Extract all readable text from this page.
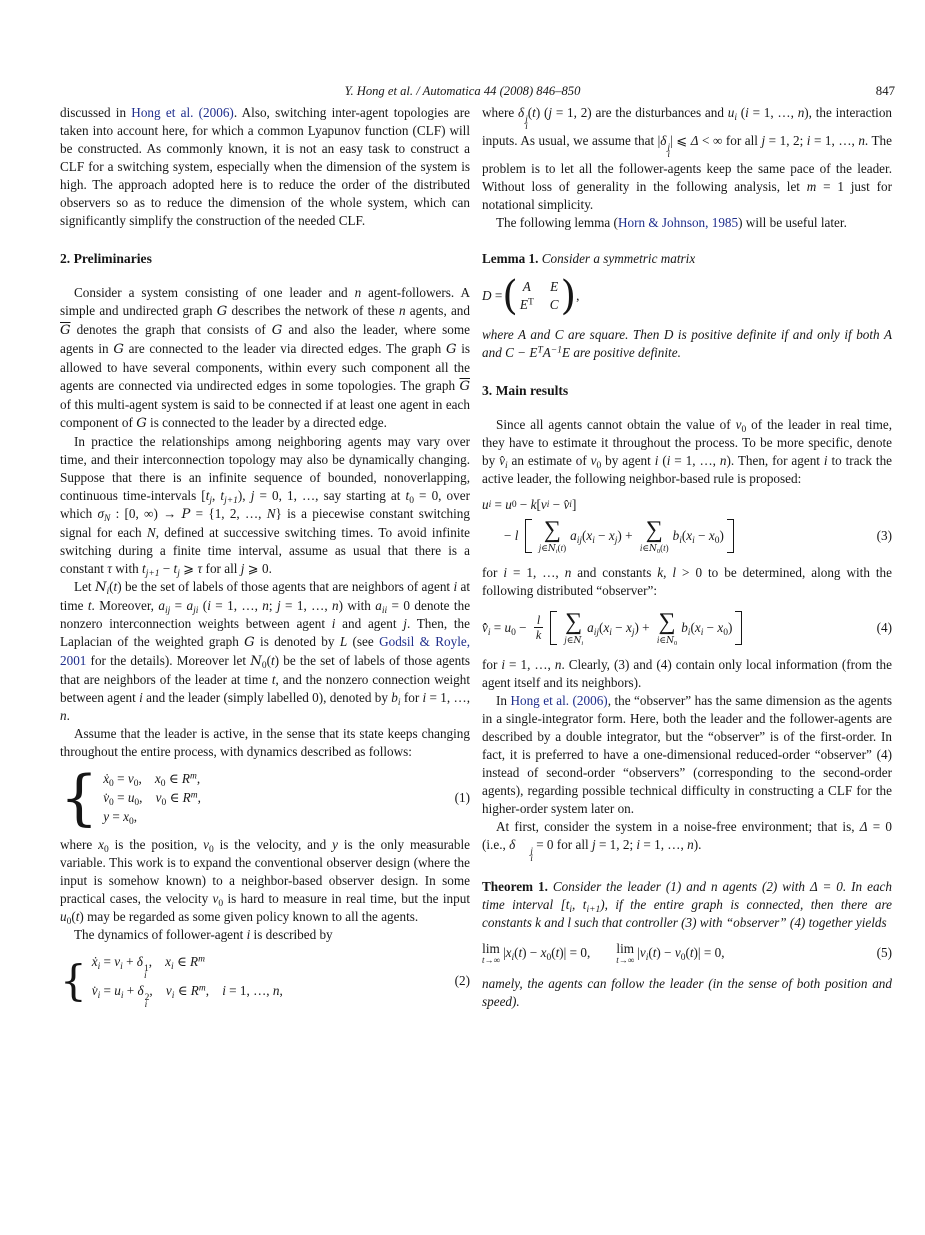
Y. Hong et al. / Automatica 44 (2008) 846–850	847

discussed in Hong et al. (2006). Also, switching inter-agent topologies are taken into account here, for which a common Lyapunov function (CLF) will be constructed. As commonly known, it is not an easy task to construct a CLF for a switching system, especially when the dimension of the system is high. The approach adopted here is to reduce the order of the distributed observers so as to reduce the dimension of the whole system, which can significantly simplify the construction of the needed CLF.

2. Preliminaries

Consider a system consisting of one leader and n agent-followers. A simple and undirected graph G describes the network of these n agents, and $\overline{G}$ denotes the graph that consists of G and also the leader, where some agents in G are connected to the leader via directed edges. The graph G is allowed to have several components, within every such component all the agents are connected via undirected edges in some topologies. The graph $\overline{G}$ of this multi-agent system is said to be connected if at least one agent in each component of G is connected to the leader by a directed edge.

In practice the relationships among neighboring agents may vary over time, and their interconnection topology may also be dynamically changing. Suppose that there is an infinite sequence of bounded, nonoverlapping, continuous time-intervals [$t_j$, $t_{j+1}$), j = 0, 1, …, say starting at $t_0 = 0$, over which $\sigma_N$ : [0, ∞) → P = {1, 2, …, N} is a piecewise constant switching signal for each N, defined at successive switching times. To avoid infinite switching during a finite time interval, assume as usual that there is a constant τ with $t_{j+1} - t_j$ ⩾ τ for all j ⩾ 0.

Let $N_i(t)$ be the set of labels of those agents that are neighbors of agent i at time t. Moreover, $a_{ij} = a_{ji}$ (i = 1, …, n; j = 1, …, n) with $a_{ii} = 0$ denote the nonzero interconnection weights between agent i and agent j. Then, the Laplacian of the weighted graph G is denoted by L (see Godsil & Royle, 2001 for the details). Moreover let $N_0(t)$ be the set of labels of those agents that are neighbors of the leader at time t, and the nonzero connection weight between agent i and the leader (simply labelled 0), denoted by $b_i$ for i = 1, …, n.

Assume that the leader is active, in the sense that its state keeps changing throughout the entire process, with dynamics described as follows:

{ ẋ$_0$ = $v_0$,  $x_0$ ∈ $R^m$,
$v̇_0 = u_0$,  $v_0$ ∈ $R^m$,
$y = x_0$,
(1)

where $x_0$ is the position, $v_0$ is the velocity, and y is the only measurable variable. This work is to expand the conventional observer design (where the input is somehow known) to a neighbor-based observer design. In some practical cases, the velocity $v_0$ is hard to measure in real time, but the input $u_0(t)$ may be regarded as some given policy known to all the agents.

The dynamics of follower-agent i is described by

{ ẋ$_i$ = $v_i + \delta$ 1
i
,  $x_i$ ∈ $R^m$
$v̇_i = u_i + \delta$ 2
i
,  $v_i$ ∈ $R^m$,  i = 1, …, n,
(2)

where δ j
i
(t) (j = 1, 2) are the disturbances and $u_i$ (i = 1, …, n), the interaction inputs. As usual, we assume that |δ j
i
| ⩽ Δ < ∞ for all j = 1, 2; i = 1, …, n. The problem is to let all the follower-agents keep the same pace of the leader. Without loss of generality in the following analysis, let m = 1 just for notational simplicity.

The following lemma (Horn & Johnson, 1985) will be useful later.

Lemma 1. Consider a symmetric matrix

D = ( A E
$E^T$ C ) ,

where A and C are square. Then D is positive definite if and only if both A and $C - E^TA^{-1}E$ are positive definite.

3. Main results

Since all agents cannot obtain the value of $v_0$ of the leader in real time, they have to estimate it throughout the process. To be more specific, denote by $v̂_i$ an estimate of $v_0$ by agent i (i = 1, …, n). Then, for agent i to track the active leader, the following neighbor-based rule is proposed:

u i = u 0 − k [ v i − v̂ i ]
− l ∑
$j\in N_i(t)$
$a_{ij}(x_i - x_j)$ + ∑
$i\in N_0(t)$
$b_i(x_i - x_0)$	(3)

for i = 1, …, n and constants k, l > 0 to be determined, along with the following distributed “observer”:

$v̂̇_i = u_0 - \frac{l}{k}$ ∑
$j\in N_i$
$a_{ij}(x_i - x_j)$ + ∑
$i\in N_0$
$b_i(x_i - x_0)$	(4)

for i = 1, …, n. Clearly, (3) and (4) contain only local information (from the agent itself and its neighbors).

In Hong et al. (2006), the “observer” has the same dimension as the agents in a single-integrator form. Here, both the leader and the follower-agents are described by a double integrator, but the “observer” is of the first-order. In fact, it is preferred to have a one-dimensional reduced-order “observer” (4) instead of second-order “observers” (corresponding to the second-order agents), regarding possible technical difficulty in constructing a CLF for the higher-order system later on.

At first, consider the system in a noise-free environment; that is, Δ = 0 (i.e., δ	j
i
= 0 for all j = 1, 2; i = 1, …, n).

Theorem 1. Consider the leader (1) and n agents (2) with Δ = 0. In each time interval [$t_i$, $t_{i+1}$), if the entire graph is connected, then there are constants k and l such that controller (3) with “observer” (4) together yields

lim
t→∞ $|x_i(t) - x_0(t)| = 0$, lim
t→∞ $|v_i(t) - v_0(t)| = 0$,	(5)

namely, the agents can follow the leader (in the sense of both position and speed).
